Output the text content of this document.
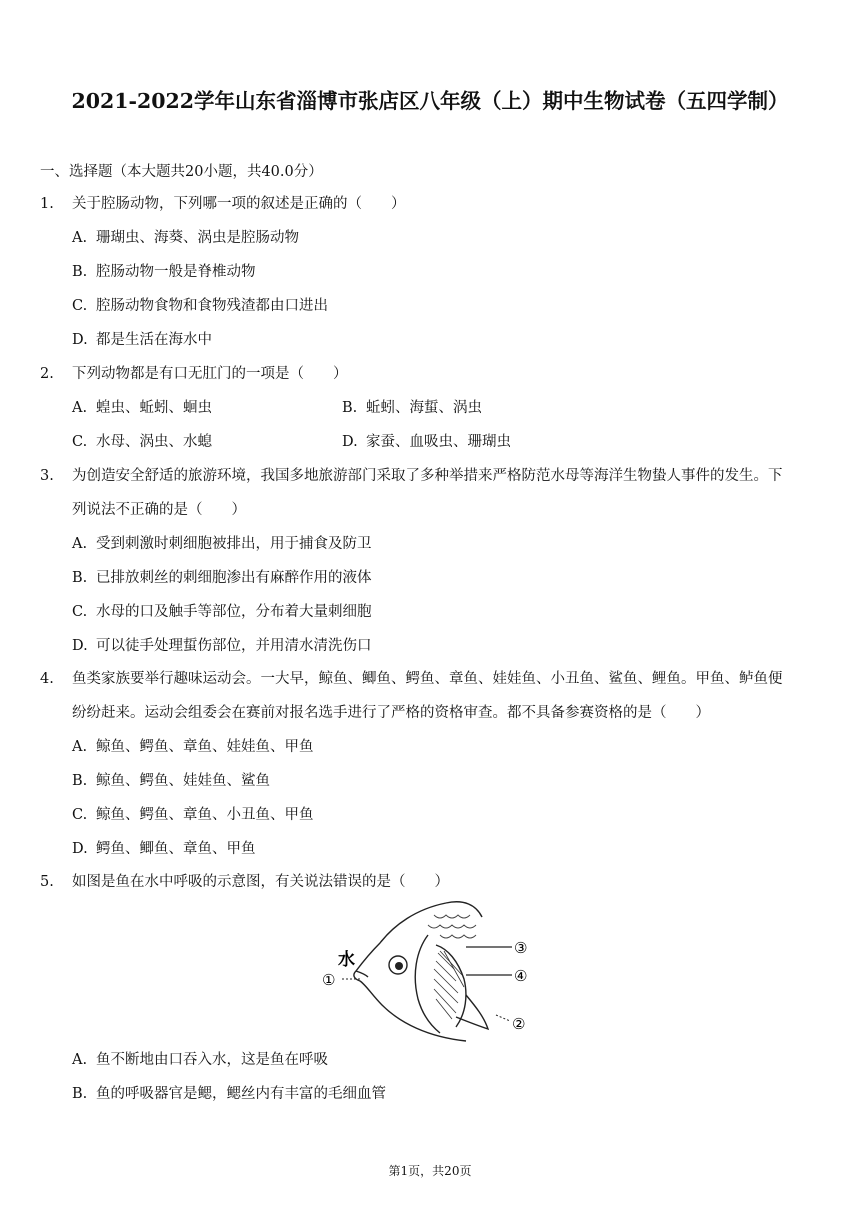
2021-2022学年山东省淄博市张店区八年级（上）期中生物试卷（五四学制）
一、选择题（本大题共20小题，共40.0分）
1. 关于腔肠动物，下列哪一项的叙述是正确的（　　）
A. 珊瑚虫、海葵、涡虫是腔肠动物
B. 腔肠动物一般是脊椎动物
C. 腔肠动物食物和食物残渣都由口进出
D. 都是生活在海水中
2. 下列动物都是有口无肛门的一项是（　　）
A. 蝗虫、蚯蚓、蛔虫	B. 蚯蚓、海蜇、涡虫
C. 水母、涡虫、水螅	D. 家蚕、血吸虫、珊瑚虫
3. 为创造安全舒适的旅游环境，我国多地旅游部门采取了多种举措来严格防范水母等海洋生物蛰人事件的发生。下
列说法不正确的是（　　）
A. 受到刺激时刺细胞被排出，用于捕食及防卫
B. 已排放刺丝的刺细胞渗出有麻醉作用的液体
C. 水母的口及触手等部位，分布着大量刺细胞
D. 可以徒手处理蜇伤部位，并用清水清洗伤口
4. 鱼类家族要举行趣味运动会。一大早，鲸鱼、鲫鱼、鳄鱼、章鱼、娃娃鱼、小丑鱼、鲨鱼、鲤鱼。甲鱼、鲈鱼便
纷纷赶来。运动会组委会在赛前对报名选手进行了严格的资格审查。都不具备参赛资格的是（　　）
A. 鲸鱼、鳄鱼、章鱼、娃娃鱼、甲鱼
B. 鲸鱼、鳄鱼、娃娃鱼、鲨鱼
C. 鲸鱼、鳄鱼、章鱼、小丑鱼、甲鱼
D. 鳄鱼、鲫鱼、章鱼、甲鱼
5. 如图是鱼在水中呼吸的示意图，有关说法错误的是（　　）
水
①
③
④
②
A. 鱼不断地由口吞入水，这是鱼在呼吸
B. 鱼的呼吸器官是鳃，鳃丝内有丰富的毛细血管
第1页，共20页
